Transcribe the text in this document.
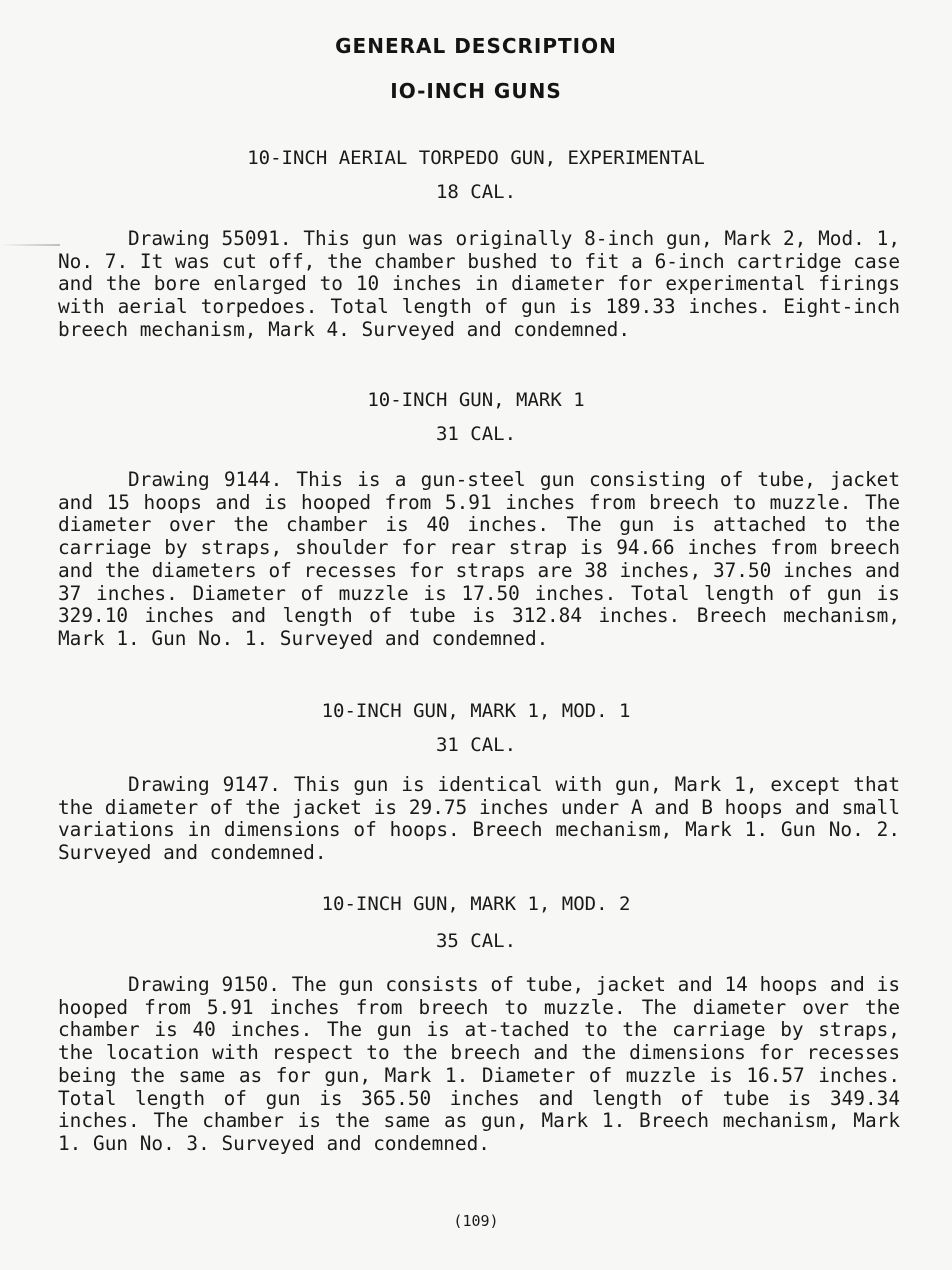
GENERAL DESCRIPTION
IO-INCH GUNS
10-INCH AERIAL TORPEDO GUN, EXPERIMENTAL
18 CAL.

Drawing 55091. This gun was originally 8-inch gun, Mark 2, Mod. 1, No. 7. It was cut off, the chamber bushed to fit a 6-inch cartridge case and the bore enlarged to 10 inches in diameter for experimental firings with aerial torpedoes. Total length of gun is 189.33 inches. Eight-inch breech mechanism, Mark 4. Surveyed and condemned.

10-INCH GUN, MARK 1
31 CAL.

Drawing 9144. This is a gun-steel gun consisting of tube, jacket and 15 hoops and is hooped from 5.91 inches from breech to muzzle. The diameter over the chamber is 40 inches. The gun is attached to the carriage by straps, shoulder for rear strap is 94.66 inches from breech and the diameters of recesses for straps are 38 inches, 37.50 inches and 37 inches. Diameter of muzzle is 17.50 inches. Total length of gun is 329.10 inches and length of tube is 312.84 inches. Breech mechanism, Mark 1. Gun No. 1. Surveyed and condemned.

10-INCH GUN, MARK 1, MOD. 1
31 CAL.

Drawing 9147. This gun is identical with gun, Mark 1, except that the diameter of the jacket is 29.75 inches under A and B hoops and small variations in dimensions of hoops. Breech mechanism, Mark 1. Gun No. 2. Surveyed and condemned.

10-INCH GUN, MARK 1, MOD. 2
35 CAL.

Drawing 9150. The gun consists of tube, jacket and 14 hoops and is hooped from 5.91 inches from breech to muzzle. The diameter over the chamber is 40 inches. The gun is at-tached to the carriage by straps, the location with respect to the breech and the dimensions for recesses being the same as for gun, Mark 1. Diameter of muzzle is 16.57 inches. Total length of gun is 365.50 inches and length of tube is 349.34 inches. The chamber is the same as gun, Mark 1. Breech mechanism, Mark 1. Gun No. 3. Surveyed and condemned.

(109)
